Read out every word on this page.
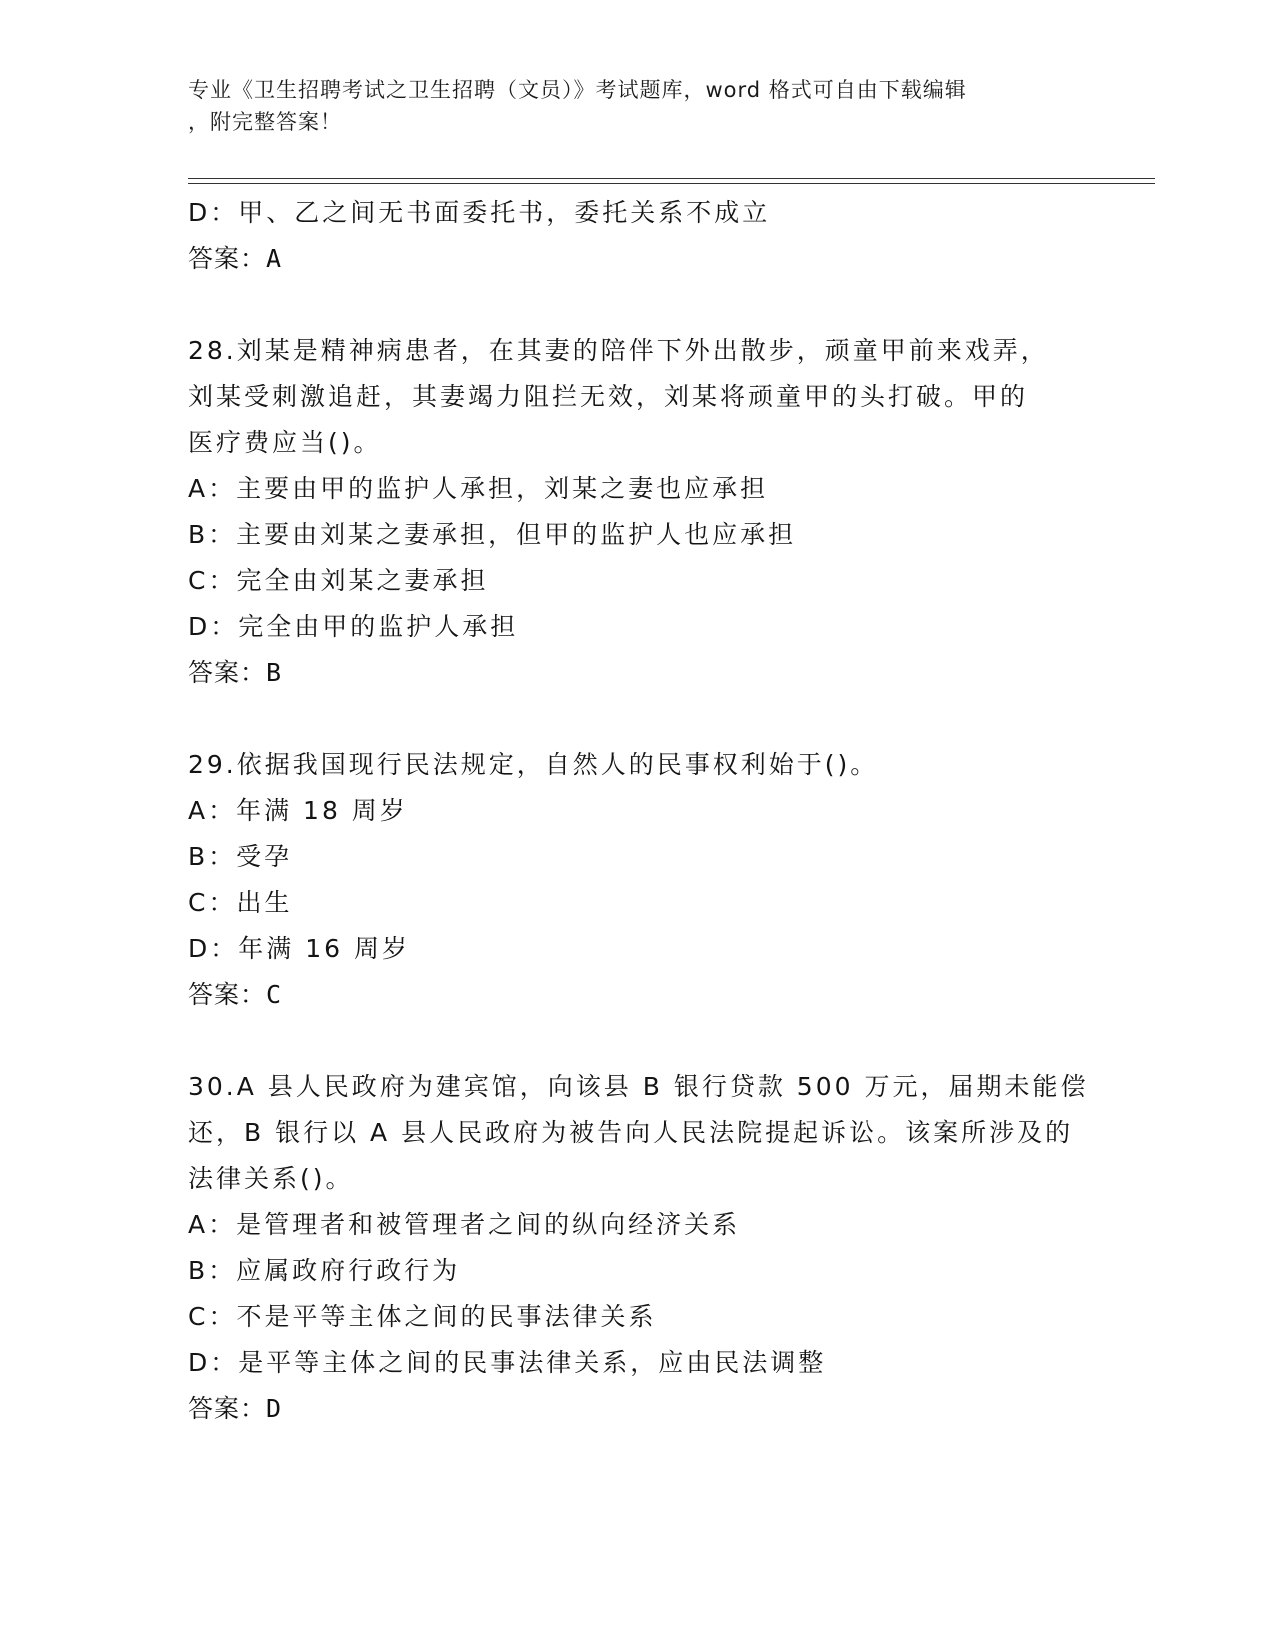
专业《卫生招聘考试之卫生招聘（文员）》考试题库，word 格式可自由下载编辑
，附完整答案！
D：甲、乙之间无书面委托书，委托关系不成立
答案：A
28.刘某是精神病患者，在其妻的陪伴下外出散步，顽童甲前来戏弄，
刘某受刺激追赶，其妻竭力阻拦无效，刘某将顽童甲的头打破。甲的
医疗费应当()。
A：主要由甲的监护人承担，刘某之妻也应承担
B：主要由刘某之妻承担，但甲的监护人也应承担
C：完全由刘某之妻承担
D：完全由甲的监护人承担
答案：B
29.依据我国现行民法规定，自然人的民事权利始于()。
A：年满 18 周岁
B：受孕
C：出生
D：年满 16 周岁
答案：C
30.A 县人民政府为建宾馆，向该县 B 银行贷款 500 万元，届期未能偿
还，B 银行以 A 县人民政府为被告向人民法院提起诉讼。该案所涉及的
法律关系()。
A：是管理者和被管理者之间的纵向经济关系
B：应属政府行政行为
C：不是平等主体之间的民事法律关系
D：是平等主体之间的民事法律关系，应由民法调整
答案：D
